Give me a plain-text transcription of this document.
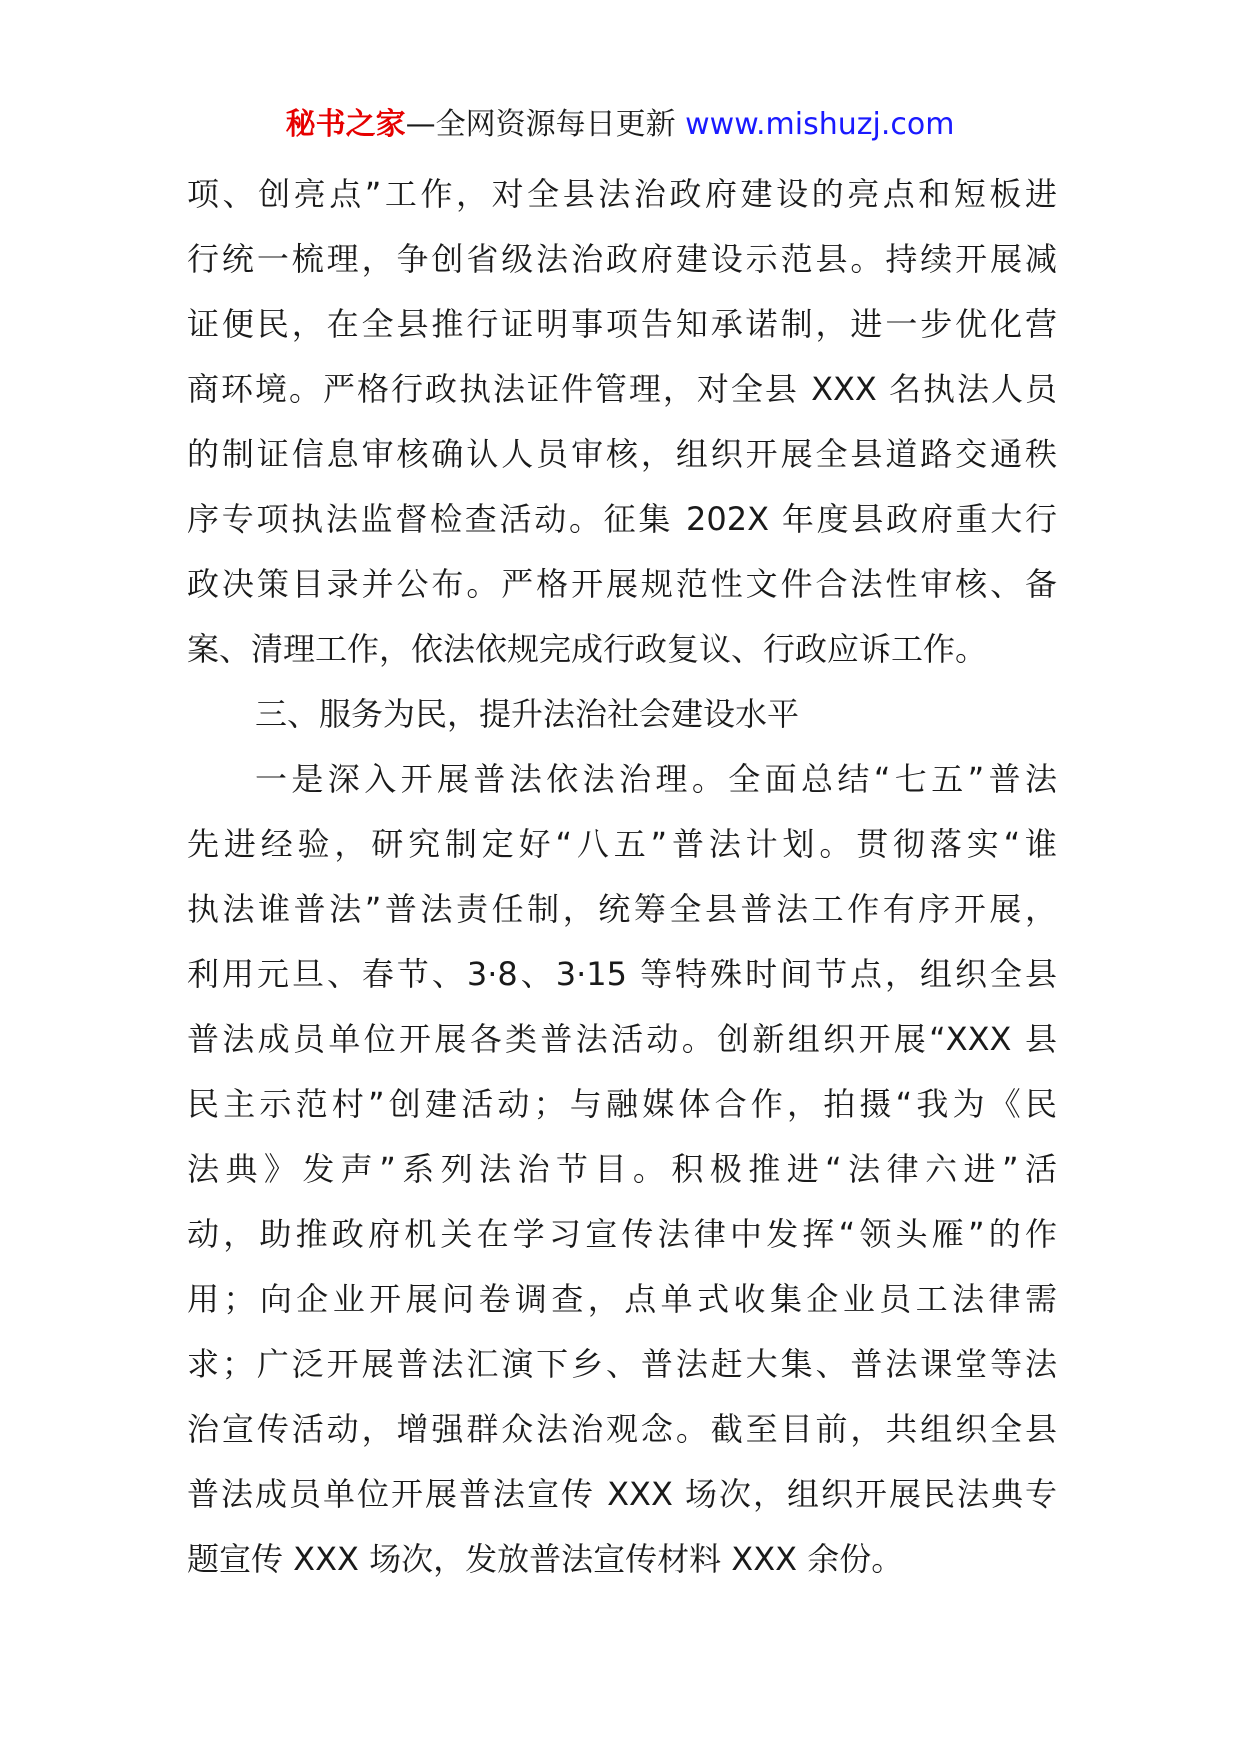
秘书之家—全网资源每日更新 www.mishuzj.com
项、创亮点”工作，对全县法治政府建设的亮点和短板进
行统一梳理，争创省级法治政府建设示范县。持续开展减
证便民，在全县推行证明事项告知承诺制，进一步优化营
商环境。严格行政执法证件管理，对全县 XXX 名执法人员
的制证信息审核确认人员审核，组织开展全县道路交通秩
序专项执法监督检查活动。征集 202X 年度县政府重大行
政决策目录并公布。严格开展规范性文件合法性审核、备
案、清理工作，依法依规完成行政复议、行政应诉工作。
三、服务为民，提升法治社会建设水平
一是深入开展普法依法治理。全面总结“七五”普法
先进经验，研究制定好“八五”普法计划。贯彻落实“谁
执法谁普法”普法责任制，统筹全县普法工作有序开展，
利用元旦、春节、3·8、3·15 等特殊时间节点，组织全县
普法成员单位开展各类普法活动。创新组织开展“XXX 县
民主示范村”创建活动；与融媒体合作，拍摄“我为《民
法典》发声”系列法治节目。积极推进“法律六进”活
动，助推政府机关在学习宣传法律中发挥“领头雁”的作
用；向企业开展问卷调查，点单式收集企业员工法律需
求；广泛开展普法汇演下乡、普法赶大集、普法课堂等法
治宣传活动，增强群众法治观念。截至目前，共组织全县
普法成员单位开展普法宣传 XXX 场次，组织开展民法典专
题宣传 XXX 场次，发放普法宣传材料 XXX 余份。
